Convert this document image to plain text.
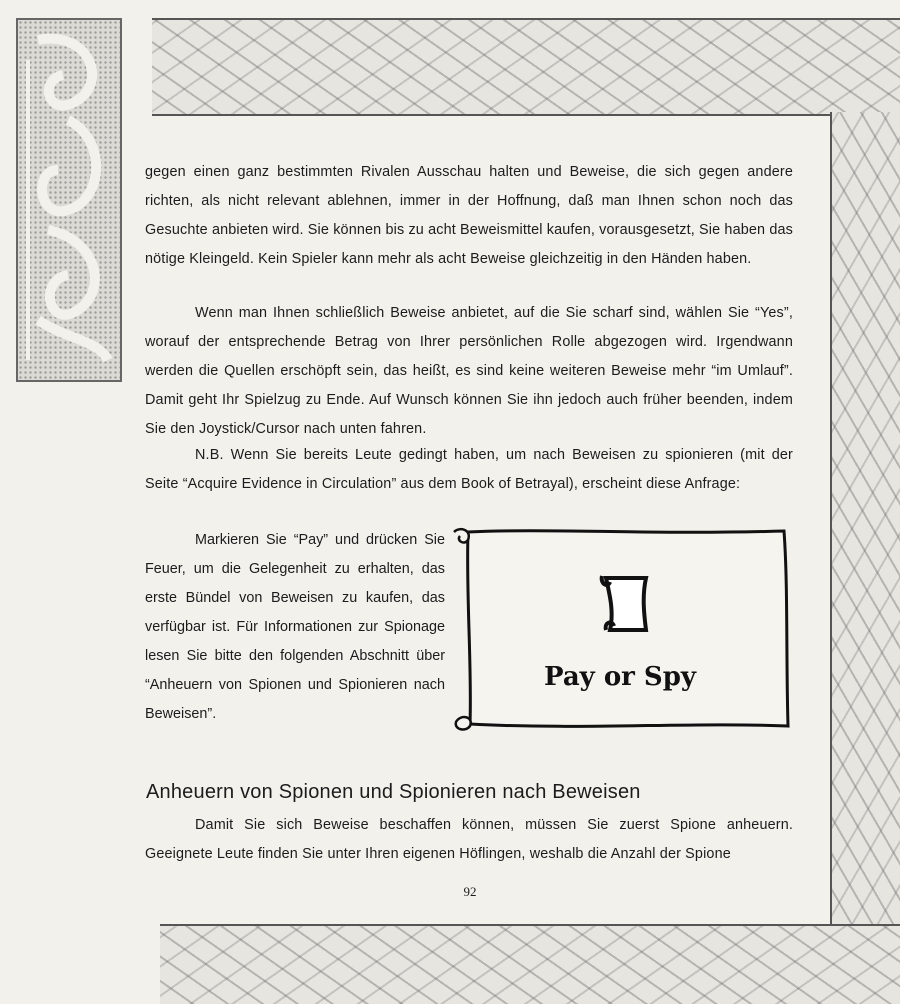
gegen einen ganz bestimmten Rivalen Ausschau halten und Beweise, die sich gegen andere richten, als nicht relevant ablehnen, immer in der Hoffnung, daß man Ihnen schon noch das Gesuchte anbieten wird. Sie können bis zu acht Beweismittel kaufen, vorausgesetzt, Sie haben das nötige Kleingeld. Kein Spieler kann mehr als acht Beweise gleichzeitig in den Händen haben.
Wenn man Ihnen schließlich Beweise anbietet, auf die Sie scharf sind, wählen Sie “Yes”, worauf der entsprechende Betrag von Ihrer persönlichen Rolle abgezogen wird. Irgendwann werden die Quellen erschöpft sein, das heißt, es sind keine weiteren Beweise mehr “im Umlauf”. Damit geht Ihr Spielzug zu Ende. Auf Wunsch können Sie ihn jedoch auch früher beenden, indem Sie den Joystick/Cursor nach unten fahren.
N.B. Wenn Sie bereits Leute gedingt haben, um nach Beweisen zu spionieren (mit der Seite “Acquire Evidence in Circulation” aus dem Book of Betrayal), erscheint diese Anfrage:
Markieren Sie “Pay” und drücken Sie Feuer, um die Gelegenheit zu erhalten, das erste Bündel von Beweisen zu kaufen, das verfügbar ist. Für Informationen zur Spionage lesen Sie bitte den folgenden Abschnitt über “Anheuern von Spionen und Spionieren nach Beweisen”.
Pay or Spy
Anheuern von Spionen und Spionieren nach Beweisen
Damit Sie sich Beweise beschaffen können, müssen Sie zuerst Spione anheuern. Geeignete Leute finden Sie unter Ihren eigenen Höflingen, weshalb die Anzahl der Spione
92
